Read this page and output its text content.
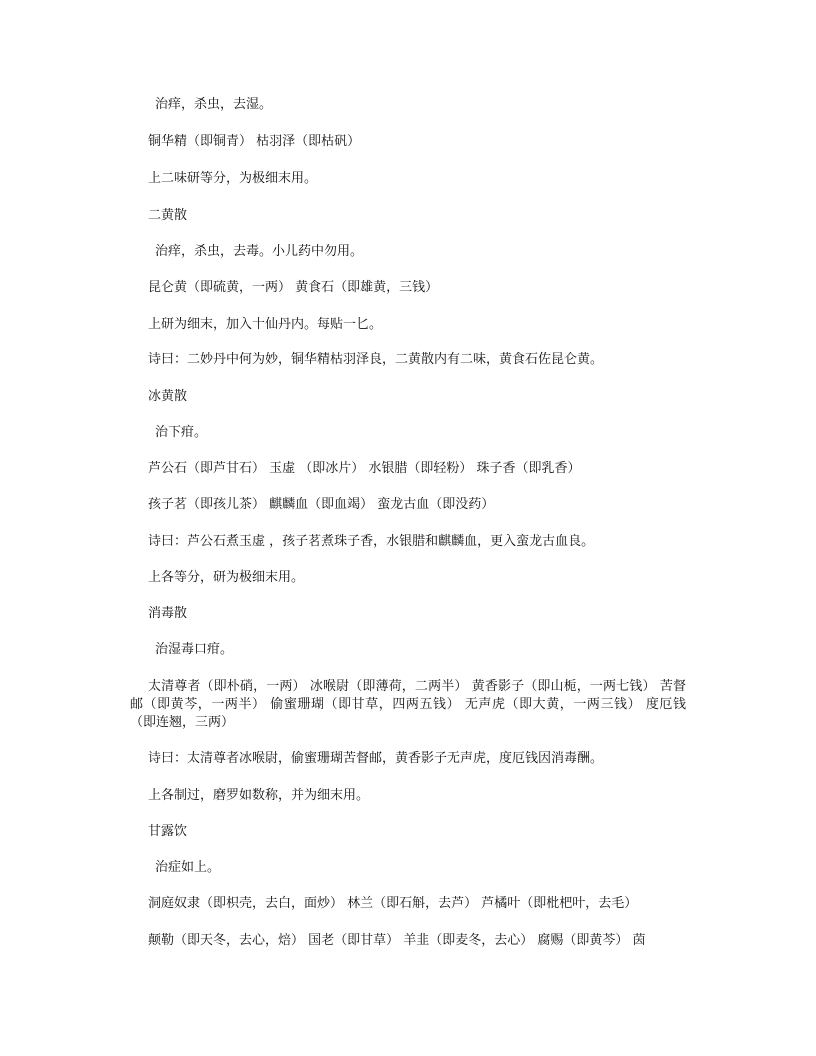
治痒，杀虫，去湿。
铜华精（即铜青） 枯羽泽（即枯矾）
上二味研等分，为极细末用。
二黄散
治痒，杀虫，去毒。小儿药中勿用。
昆仑黄（即硫黄，一两） 黄食石（即雄黄，三钱）
上研为细末，加入十仙丹内。每贴一匕。
诗曰：二妙丹中何为妙，铜华精枯羽泽良，二黄散内有二味，黄食石佐昆仑黄。
冰黄散
治下疳。
芦公石（即芦甘石） 玉虚 （即冰片） 水银腊（即轻粉） 珠子香（即乳香）
孩子茗（即孩儿茶） 麒麟血（即血竭） 蛮龙古血（即没药）
诗曰：芦公石煮玉虚 ，孩子茗煮珠子香，水银腊和麒麟血，更入蛮龙古血良。
上各等分，研为极细末用。
消毒散
治湿毒口疳。
太清尊者（即朴硝，一两） 冰喉尉（即薄荷，二两半） 黄香影子（即山栀，一两七钱） 苦督邮（即黄芩，一两半） 偷蜜珊瑚（即甘草，四两五钱） 无声虎（即大黄，一两三钱） 度厄钱（即连翘，三两）
诗曰：太清尊者冰喉尉，偷蜜珊瑚苦督邮，黄香影子无声虎，度厄钱因消毒酬。
上各制过，磨罗如数称，并为细末用。
甘露饮
治症如上。
洞庭奴隶（即枳壳，去白，面炒） 林兰（即石斛，去芦） 芦橘叶（即枇杷叶，去毛）
颠勒（即天冬，去心，焙） 国老（即甘草） 羊韭（即麦冬，去心） 腐赐（即黄芩） 茵
